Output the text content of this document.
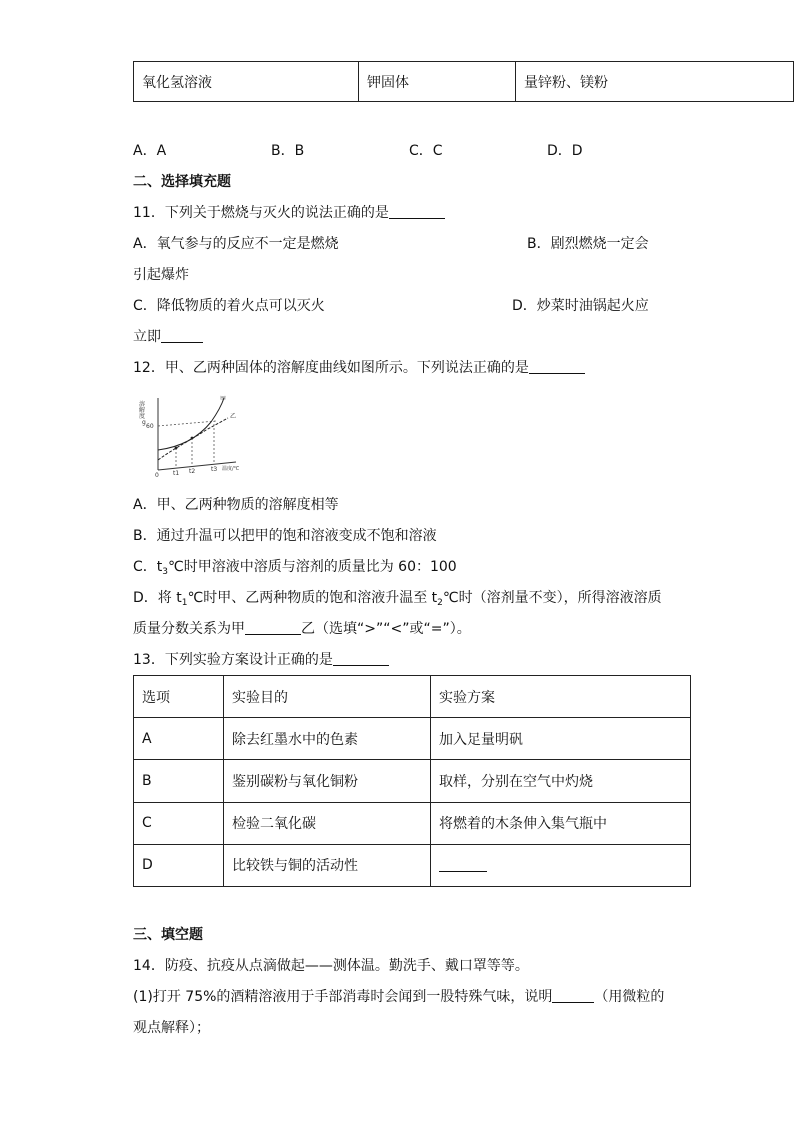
氧化氢溶液	钾固体	量锌粉、镁粉
A．A	B．B	C．C	D．D
二、选择填充题
11．下列关于燃烧与灭火的说法正确的是
A．氧气参与的反应不一定是燃烧	B．剧烈燃烧一定会
引起爆炸
C．降低物质的着火点可以灭火	D．炒菜时油锅起火应
立即
12．甲、乙两种固体的溶解度曲线如图所示。下列说法正确的是
溶解度
g
60
甲
乙
0 t1 t2	t3 温度/℃
A．甲、乙两种物质的溶解度相等
B．通过升温可以把甲的饱和溶液变成不饱和溶液
C．$t_3℃$时甲溶液中溶质与溶剂的质量比为 60：100
D．将 $t_1℃$时甲、乙两种物质的饱和溶液升温至 $t_2℃$时（溶剂量不变），所得溶液溶质
质量分数关系为甲	乙（选填“>”“<”或“=”）。
13．下列实验方案设计正确的是
选项	实验目的	实验方案
A	除去红墨水中的色素	加入足量明矾
B	鉴别碳粉与氧化铜粉	取样，分别在空气中灼烧
C	检验二氧化碳	将燃着的木条伸入集气瓶中
D	比较铁与铜的活动性	
三、填空题
14．防疫、抗疫从点滴做起——测体温。勤洗手、戴口罩等等。
(1)打开 75%的酒精溶液用于手部消毒时会闻到一股特殊气味，说明	（用微粒的
观点解释）；
